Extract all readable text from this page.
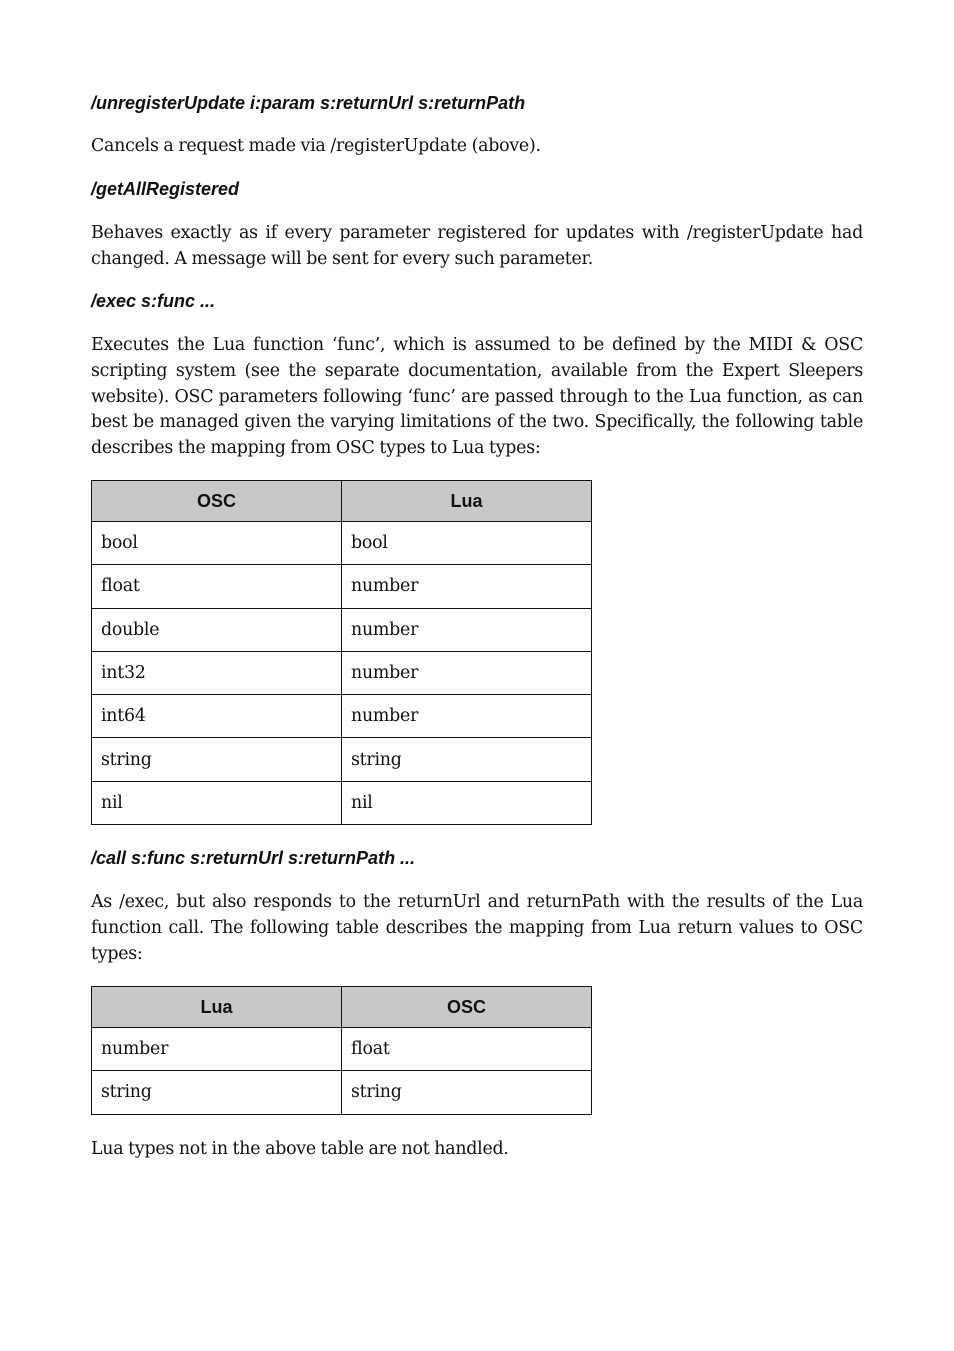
/unregisterUpdate i:param s:returnUrl s:returnPath

Cancels a request made via /registerUpdate (above).

/getAllRegistered

Behaves exactly as if every parameter registered for updates with /registerUpdate had changed. A message will be sent for every such parameter.

/exec s:func ...

Executes the Lua function ‘func’, which is assumed to be defined by the MIDI & OSC scripting system (see the separate documentation, available from the Expert Sleepers website). OSC parameters following ‘func’ are passed through to the Lua function, as can best be managed given the varying limitations of the two. Specifically, the following table describes the mapping from OSC types to Lua types:

OSC	Lua
bool	bool
float	number
double	number
int32	number
int64	number
string	string
nil	nil
/call s:func s:returnUrl s:returnPath ...

As /exec, but also responds to the returnUrl and returnPath with the results of the Lua function call. The following table describes the mapping from Lua return values to OSC types:

Lua	OSC
number	float
string	string

Lua types not in the above table are not handled.
